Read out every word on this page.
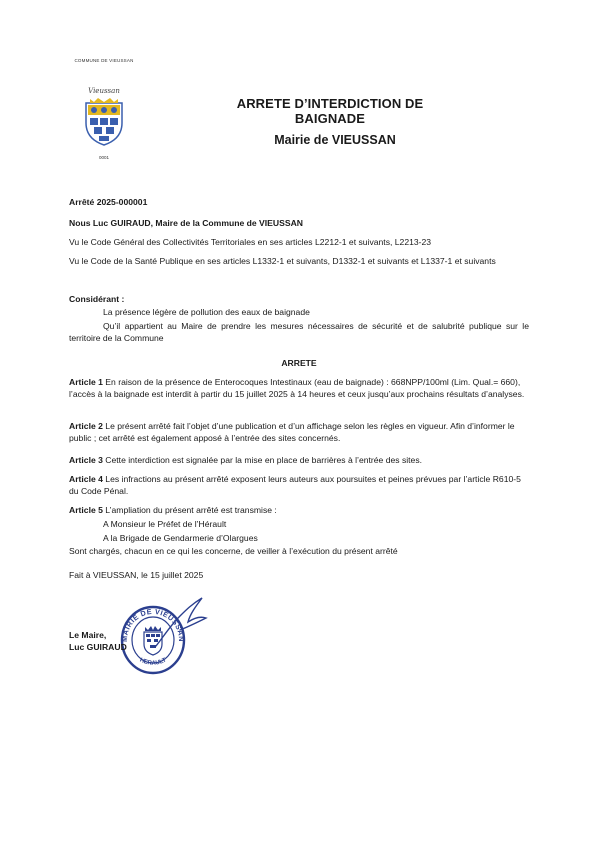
COMMUNE DE VIEUSSAN
Vieussan
0001
ARRETE D’INTERDICTION DE BAIGNADE
Mairie de VIEUSSAN
Arrêté 2025-000001
Nous Luc GUIRAUD, Maire de la Commune de VIEUSSAN
Vu le Code Général des Collectivités Territoriales en ses articles L2212-1 et suivants, L2213-23
Vu le Code de la Santé Publique en ses articles L1332-1 et suivants, D1332-1 et suivants et L1337-1 et suivants
Considérant :
La présence légère de pollution des eaux de baignade
Qu’il appartient au Maire de prendre les mesures nécessaires de sécurité et de salubrité publique sur le territoire de la Commune
ARRETE
Article 1 En raison de la présence de Enterocoques Intestinaux (eau de baignade) : 668NPP/100ml (Lim. Qual.= 660), l’accès à la baignade est interdit à partir du 15 juillet 2025 à 14 heures et ceux jusqu’aux prochains résultats d’analyses.
Article 2 Le présent arrêté fait l’objet d’une publication et d’un affichage selon les règles en vigueur. Afin d’informer le public ; cet arrêté est également apposé à l’entrée des sites concernés.
Article 3 Cette interdiction est signalée par la mise en place de barrières à l’entrée des sites.
Article 4 Les infractions au présent arrêté exposent leurs auteurs aux poursuites et peines prévues par l’article R610-5 du Code Pénal.
Article 5 L’ampliation du présent arrêté est transmise :
A Monsieur le Préfet de l’Hérault
A la Brigade de Gendarmerie d’Olargues
Sont chargés, chacun en ce qui les concerne, de veiller à l’exécution du présent arrêté
Fait à VIEUSSAN, le 15 juillet 2025
MAIRIE DE VIEUSSAN
HERAULT
Le Maire,
Luc GUIRAUD
